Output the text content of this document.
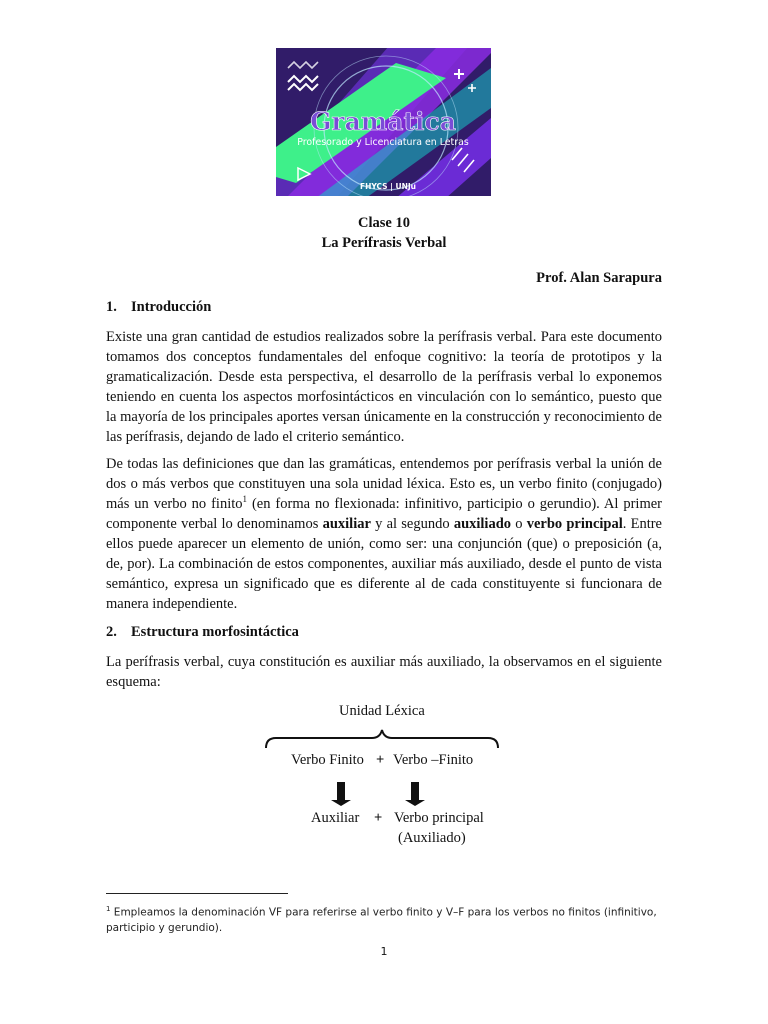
Gramática
Profesorado y Licenciatura en Letras
FHYCS | UNJu
Clase 10
La Perífrasis Verbal
Prof. Alan Sarapura
1. Introducción

Existe una gran cantidad de estudios realizados sobre la perífrasis verbal. Para este documento tomamos dos conceptos fundamentales del enfoque cognitivo: la teoría de prototipos y la gramaticalización. Desde esta perspectiva, el desarrollo de la perífrasis verbal lo exponemos teniendo en cuenta los aspectos morfosintácticos en vinculación con lo semántico, puesto que la mayoría de los principales aportes versan únicamente en la construcción y reconocimiento de las perífrasis, dejando de lado el criterio semántico.

De todas las definiciones que dan las gramáticas, entendemos por perífrasis verbal la unión de dos o más verbos que constituyen una sola unidad léxica. Esto es, un verbo finito (conjugado) más un verbo no finito$^1$ (en forma no flexionada: infinitivo, participio o gerundio). Al primer componente verbal lo denominamos auxiliar y al segundo auxiliado o verbo principal. Entre ellos puede aparecer un elemento de unión, como ser: una conjunción (que) o preposición (a, de, por). La combinación de estos componentes, auxiliar más auxiliado, desde el punto de vista semántico, expresa un significado que es diferente al de cada constituyente si funcionara de manera independiente.

2. Estructura morfosintáctica

La perífrasis verbal, cuya constitución es auxiliar más auxiliado, la observamos en el siguiente esquema:

Unidad Léxica
Verbo Finito + Verbo –Finito
Auxiliar + Verbo principal
(Auxiliado)
$^1$ Empleamos la denominación VF para referirse al verbo finito y V–F para los verbos no finitos (infinitivo, participio y gerundio).
1
